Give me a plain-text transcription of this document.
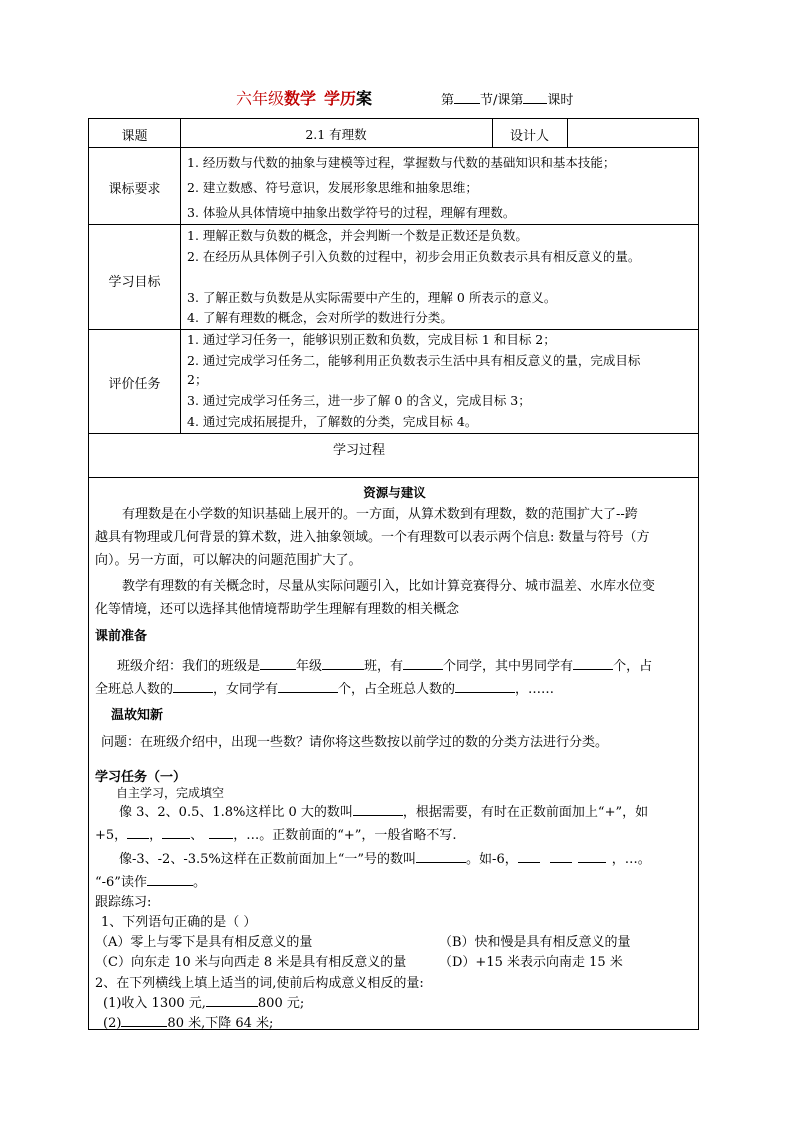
六年级数学 学历案	第 节/课第 课时
课题	2.1 有理数	设计人
课标要求
1. 经历数与代数的抽象与建模等过程，掌握数与代数的基础知识和基本技能；
2. 建立数感、符号意识，发展形象思维和抽象思维；
3. 体验从具体情境中抽象出数学符号的过程，理解有理数。
学习目标
1. 理解正数与负数的概念，并会判断一个数是正数还是负数。
2. 在经历从具体例子引入负数的过程中，初步会用正负数表示具有相反意义的量。
3. 了解正数与负数是从实际需要中产生的，理解 0 所表示的意义。
4. 了解有理数的概念，会对所学的数进行分类。
评价任务
1. 通过学习任务一，能够识别正数和负数，完成目标 1 和目标 2；
2. 通过完成学习任务二，能够利用正负数表示生活中具有相反意义的量，完成目标
2；
3. 通过完成学习任务三，进一步了解 0 的含义，完成目标 3；
4. 通过完成拓展提升，了解数的分类，完成目标 4。
学习过程
资源与建议
有理数是在小学数的知识基础上展开的。一方面，从算术数到有理数，数的范围扩大了--跨
越具有物理或几何背景的算术数，进入抽象领域。一个有理数可以表示两个信息: 数量与符号（方
向）。另一方面，可以解决的问题范围扩大了。
教学有理数的有关概念时，尽量从实际问题引入，比如计算竞赛得分、城市温差、水库水位变
化等情境，还可以选择其他情境帮助学生理解有理数的相关概念
课前准备
班级介绍：我们的班级是	年级	班，有	个同学，其中男同学有	个，占
全班总人数的	，女同学有	个，占全班总人数的	，……
温故知新
问题：在班级介绍中，出现一些数？请你将这些数按以前学过的数的分类方法进行分类。
学习任务（一）
自主学习，完成填空
像 3、2、0.5、1.8%这样比 0 大的数叫	，根据需要，有时在正数前面加上“+”，如
+5， ， 、 ，…。正数前面的“+”，一般省略不写.
像-3、-2、-3.5%这样在正数前面加上“一”号的数叫	。如-6，	，…。
“-6”读作	。
跟踪练习:
1、下列语句正确的是（ ）
（A）零上与零下是具有相反意义的量	（B）快和慢是具有相反意义的量
（C）向东走 10 米与向西走 8 米是具有相反意义的量	（D）+15 米表示向南走 15 米
2、在下列横线上填上适当的词,使前后构成意义相反的量:
(1)收入 1300 元,	800 元;
(2)	80 米,下降 64 米;
